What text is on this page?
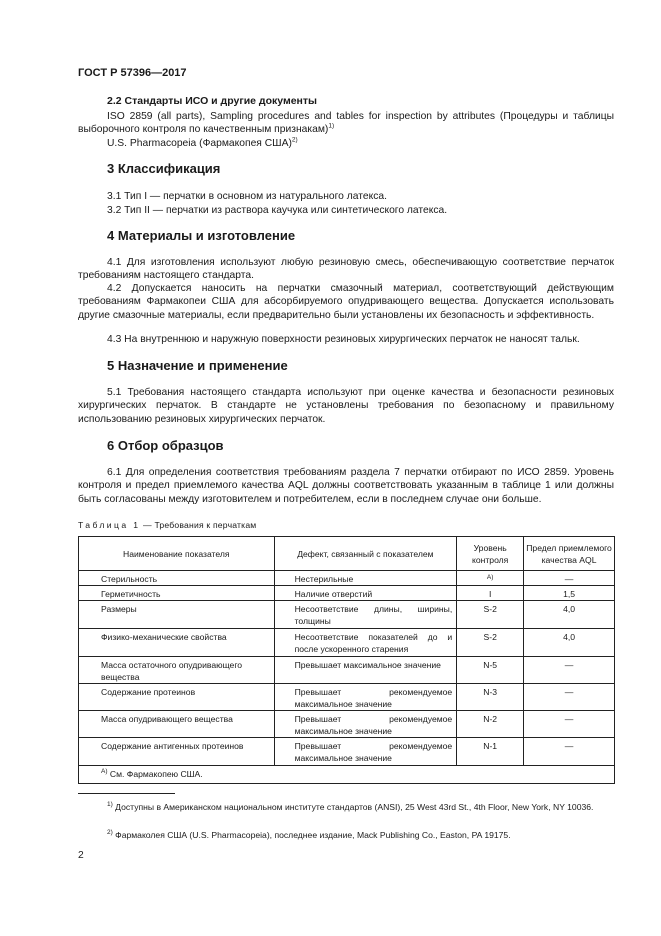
ГОСТ Р 57396—2017
2.2 Стандарты ИСО и другие документы
ISO 2859 (all parts), Sampling procedures and tables for inspection by attributes (Процедуры и таблицы выборочного контроля по качественным признакам)$^{1)}$
U.S. Pharmacopeia (Фармакопея США)$^{2)}$
3 Классификация
3.1 Тип I — перчатки в основном из натурального латекса.
3.2 Тип II — перчатки из раствора каучука или синтетического латекса.
4 Материалы и изготовление
4.1 Для изготовления используют любую резиновую смесь, обеспечивающую соответствие перчаток требованиям настоящего стандарта.
4.2 Допускается наносить на перчатки смазочный материал, соответствующий действующим требованиям Фармакопеи США для абсорбируемого опудривающего вещества. Допускается использовать другие смазочные материалы, если предварительно были установлены их безопасность и эффективность.
4.3 На внутреннюю и наружную поверхности резиновых хирургических перчаток не наносят тальк.
5 Назначение и применение
5.1 Требования настоящего стандарта используют при оценке качества и безопасности резиновых хирургических перчаток. В стандарте не установлены требования по безопасному и правильному использованию резиновых хирургических перчаток.
6 Отбор образцов
6.1 Для определения соответствия требованиям раздела 7 перчатки отбирают по ИСО 2859. Уровень контроля и предел приемлемого качества AQL должны соответствовать указанным в таблице 1 или должны быть согласованы между изготовителем и потребителем, если в последнем случае они больше.
Таблица 1 — Требования к перчаткам
Наименование показателя	Дефект, связанный с показателем	Уровень контроля	Предел приемлемого качества AQL
Стерильность	Нестерильные	A)	—
Герметичность	Наличие отверстий	I	1,5
Размеры	Несоответствие длины, ширины, толщины	S-2	4,0
Физико-механические свойства	Несоответствие показателей до и после ускоренного старения	S-2	4,0
Масса остаточного опудривающего вещества	Превышает максимальное значение	N-5	—
Содержание протеинов	Превышает рекомендуемое максимальное значение	N-3	—
Масса опудривающего вещества	Превышает рекомендуемое максимальное значение	N-2	—
Содержание антигенных протеинов	Превышает рекомендуемое максимальное значение	N-1	—
$^{A)}$ См. Фармакопею США.			
$^{1)}$ Доступны в Американском национальном институте стандартов (ANSI), 25 West 43rd St., 4th Floor, New York, NY 10036.
$^{2)}$ Фармаколея США (U.S. Pharmacopeia), последнее издание, Mack Publishing Co., Easton, PA 19175.
2
